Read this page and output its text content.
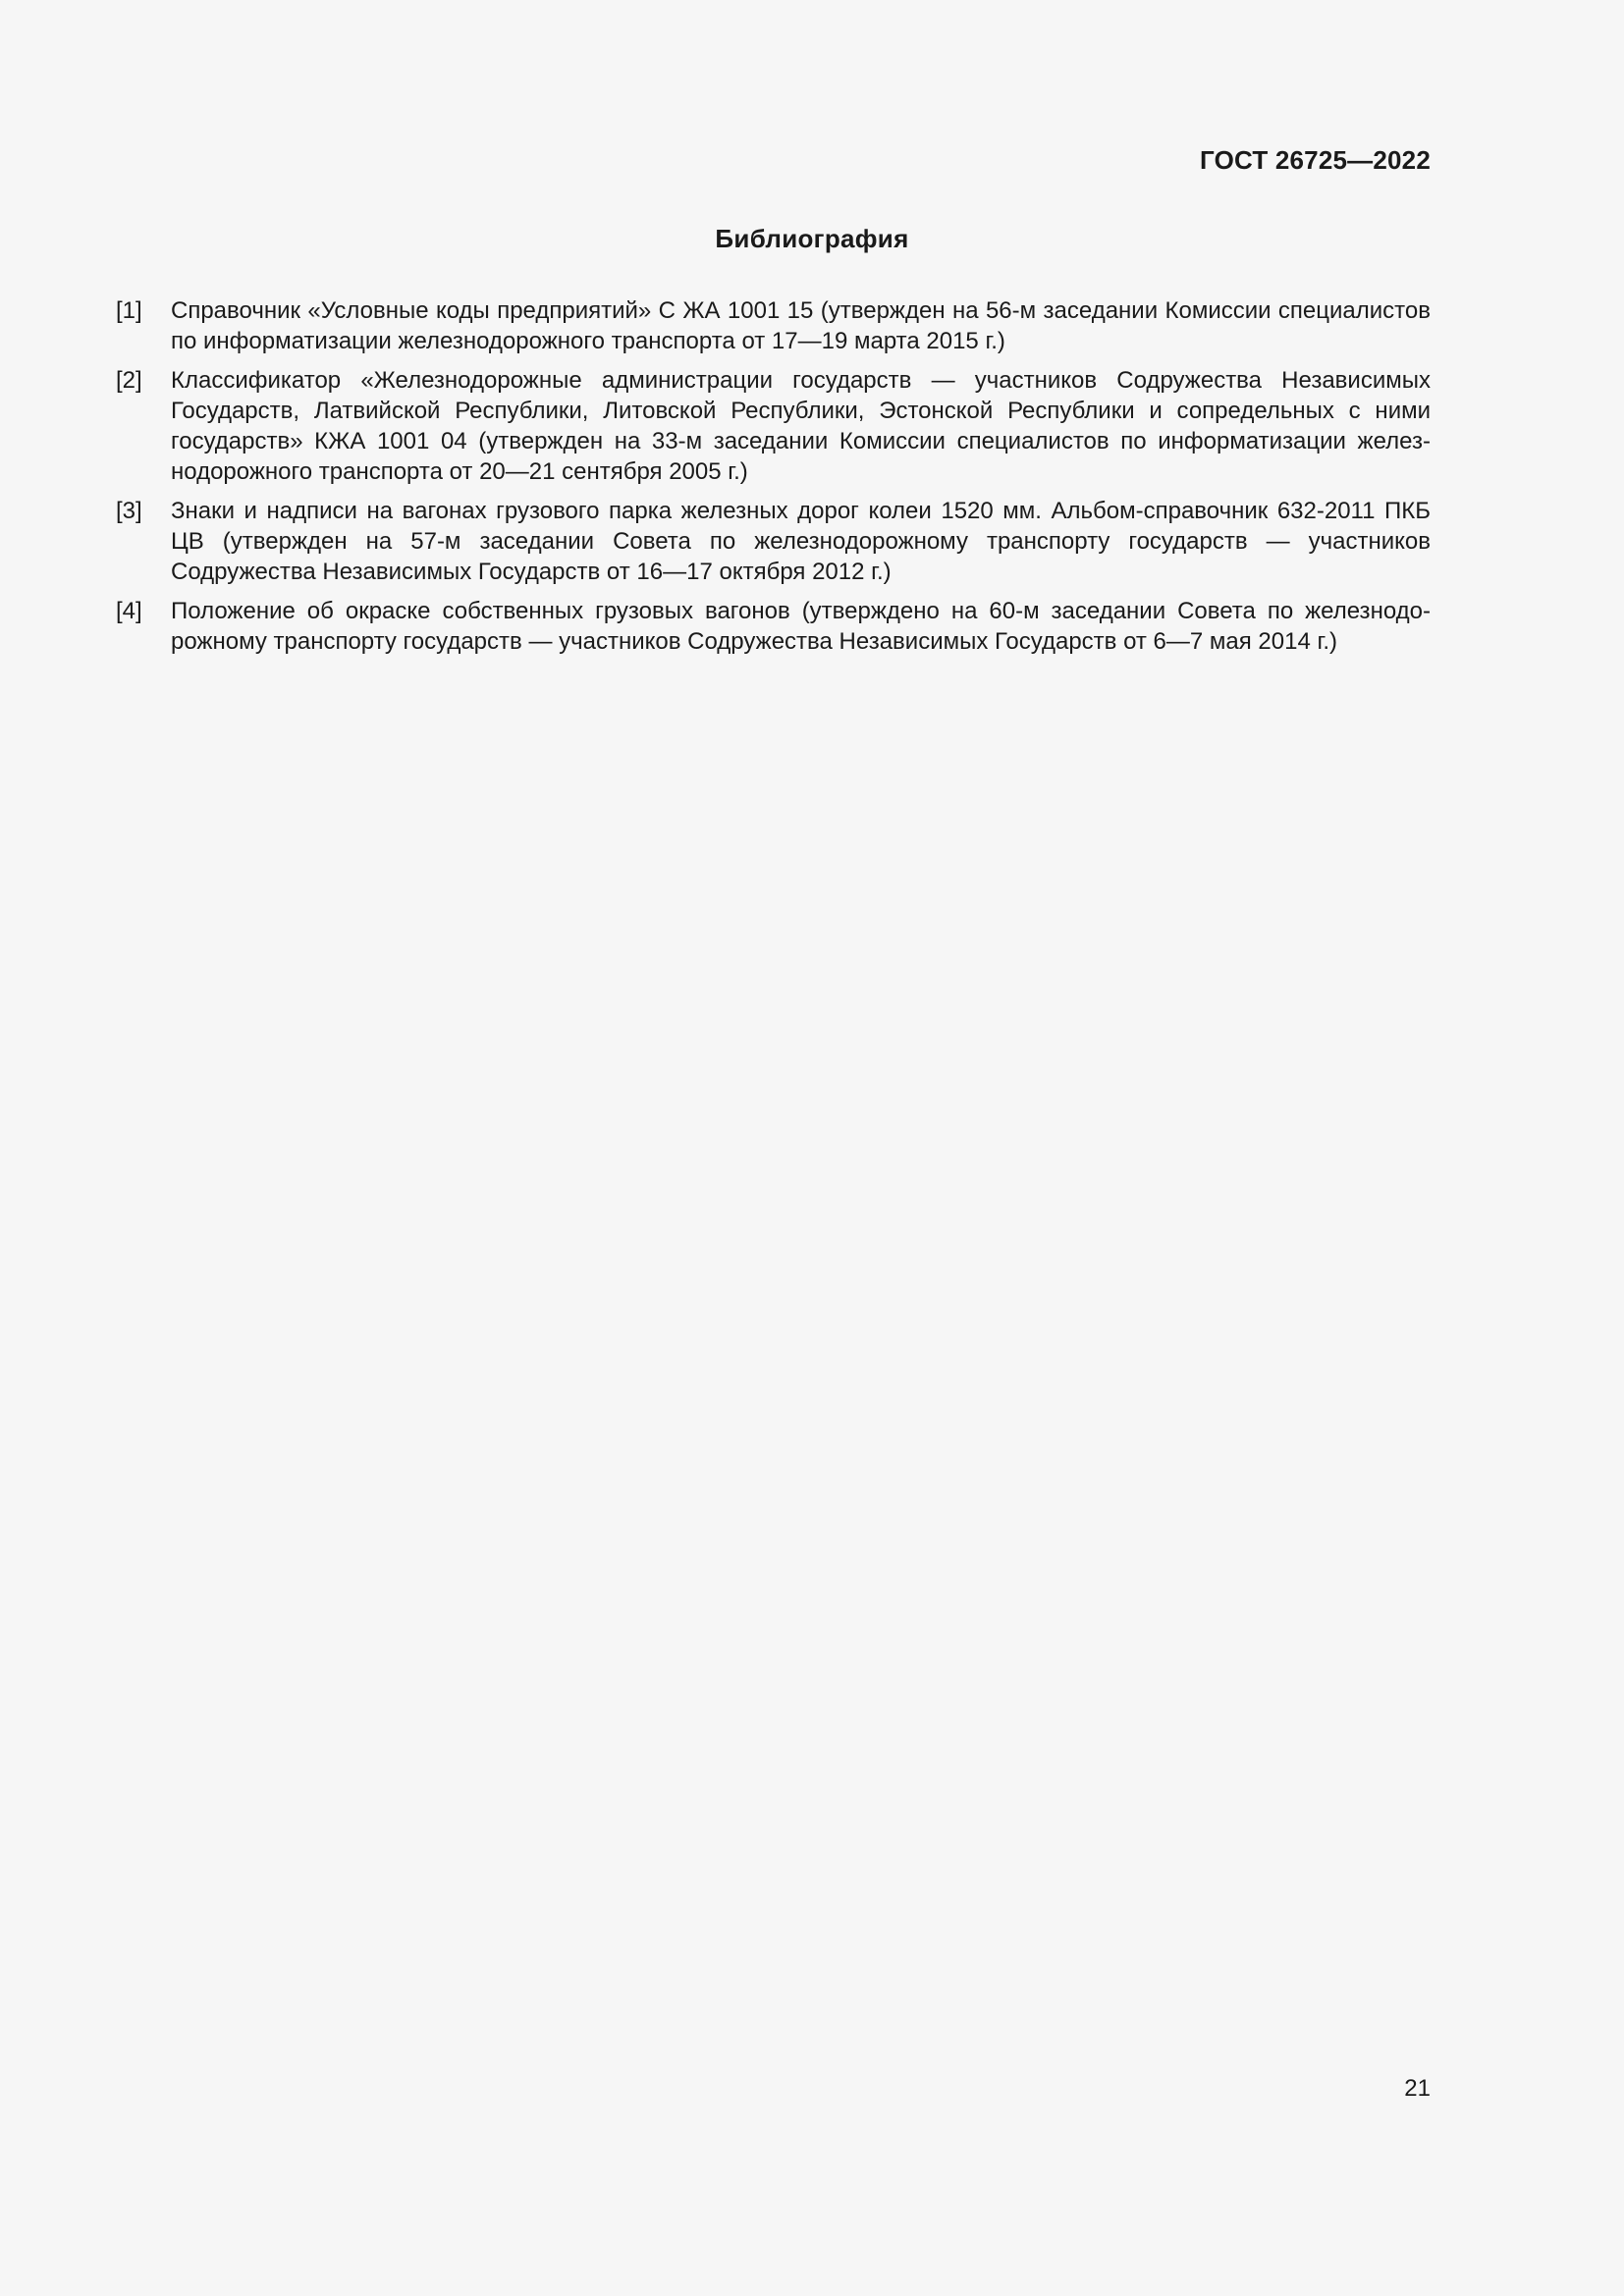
ГОСТ 26725—2022
Библиография
[1]	Справочник «Условные коды предприятий» С ЖА 1001 15 (утвержден на 56-м заседании Комиссии специалистов по информатизации железнодорожного транспорта от 17—19 марта 2015 г.)
[2]	Классификатор «Железнодорожные администрации государств — участников Содружества Независимых Государств, Латвийской Республики, Литовской Республики, Эстонской Республики и сопредельных с ними государств» КЖА 1001 04 (утвержден на 33-м заседании Комиссии специалистов по информатизации железнодорожного транспорта от 20—21 сентября 2005 г.)
[3]	Знаки и надписи на вагонах грузового парка железных дорог колеи 1520 мм. Альбом-справочник 632-2011 ПКБ ЦВ (утвержден на 57-м заседании Совета по железнодорожному транспорту государств — участников Содружества Независимых Государств от 16—17 октября 2012 г.)
[4]	Положение об окраске собственных грузовых вагонов (утверждено на 60-м заседании Совета по железнодорожному транспорту государств — участников Содружества Независимых Государств от 6—7 мая 2014 г.)
21
